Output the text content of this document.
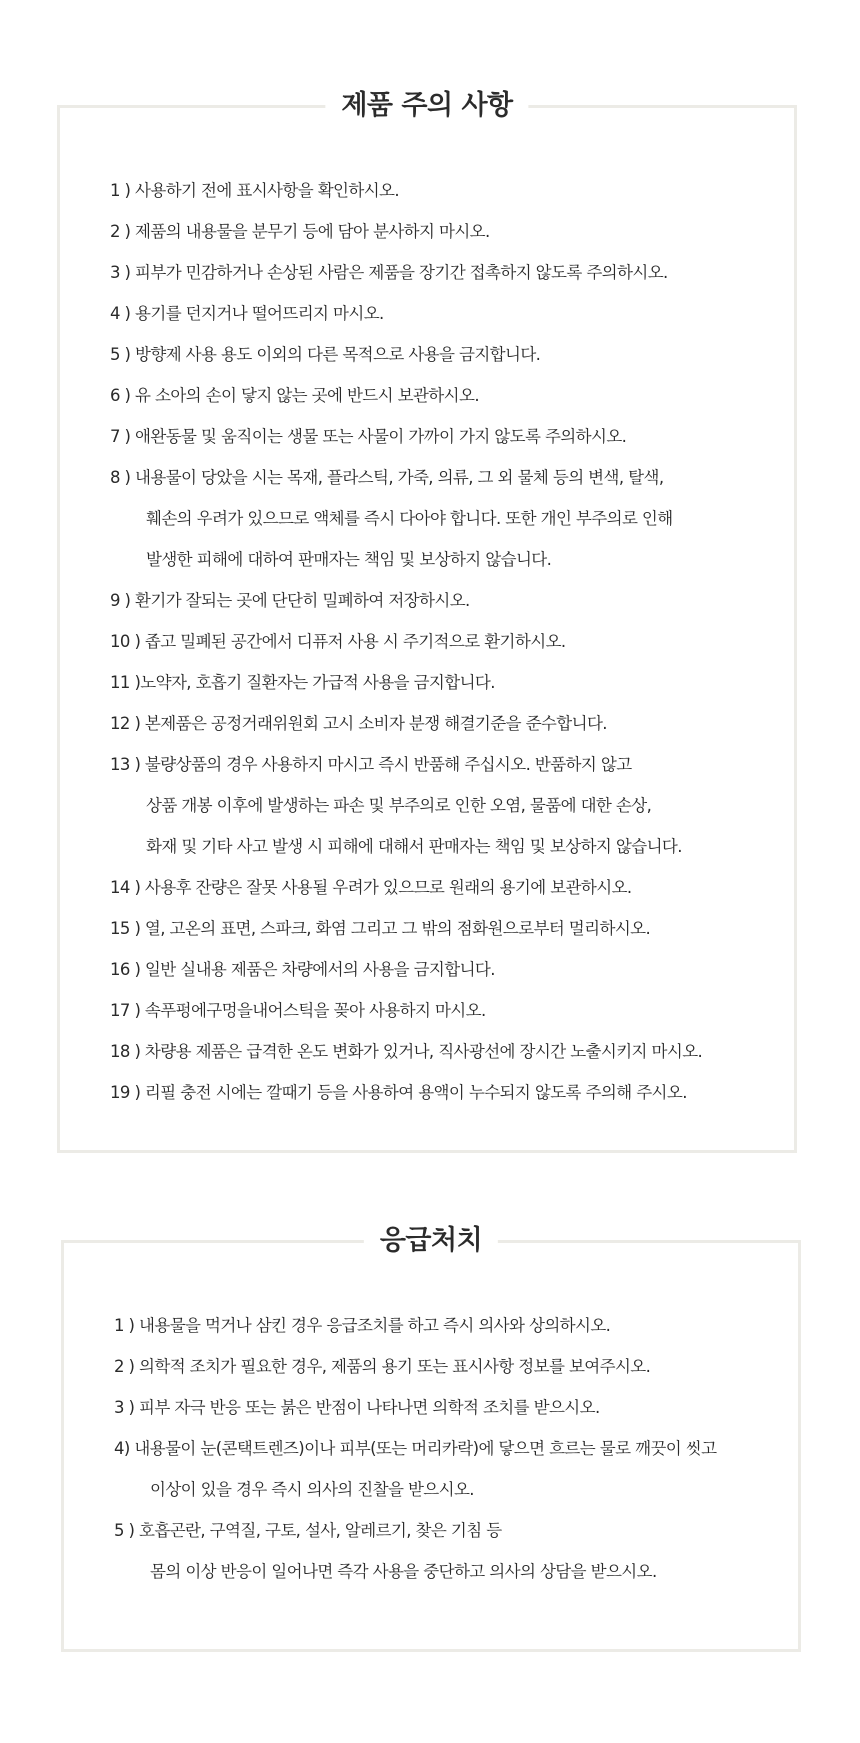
제품 주의 사항
1 ) 사용하기 전에 표시사항을 확인하시오.
2 ) 제품의 내용물을 분무기 등에 담아 분사하지 마시오.
3 ) 피부가 민감하거나 손상된 사람은 제품을 장기간 접촉하지 않도록 주의하시오.
4 ) 용기를 던지거나 떨어뜨리지 마시오.
5 ) 방향제 사용 용도 이외의 다른 목적으로 사용을 금지합니다.
6 ) 유 소아의 손이 닿지 않는 곳에 반드시 보관하시오.
7 ) 애완동물 및 움직이는 생물 또는 사물이 가까이 가지 않도록 주의하시오.
8 ) 내용물이 당았을 시는 목재, 플라스틱, 가죽, 의류, 그 외 물체 등의 변색, 탈색,
훼손의 우려가 있으므로 액체를 즉시 다아야 합니다. 또한 개인 부주의로 인해
발생한 피해에 대하여 판매자는 책임 및 보상하지 않습니다.
9 ) 환기가 잘되는 곳에 단단히 밀폐하여 저장하시오.
10 ) 좁고 밀폐된 공간에서 디퓨저 사용 시 주기적으로 환기하시오.
11 )노약자, 호흡기 질환자는 가급적 사용을 금지합니다.
12 ) 본제품은 공정거래위원회 고시 소비자 분쟁 해결기준을 준수합니다.
13 ) 불량상품의 경우 사용하지 마시고 즉시 반품해 주십시오. 반품하지 않고
상품 개봉 이후에 발생하는 파손 및 부주의로 인한 오염, 물품에 대한 손상,
화재 및 기타 사고 발생 시 피해에 대해서 판매자는 책임 및 보상하지 않습니다.
14 ) 사용후 잔량은 잘못 사용될 우려가 있으므로 원래의 용기에 보관하시오.
15 ) 열, 고온의 표면, 스파크, 화염 그리고 그 밖의 점화원으로부터 멀리하시오.
16 ) 일반 실내용 제품은 차량에서의 사용을 금지합니다.
17 ) 속푸펑에구멍을내어스틱을 꽂아 사용하지 마시오.
18 ) 차량용 제품은 급격한 온도 변화가 있거나, 직사광선에 장시간 노출시키지 마시오.
19 ) 리필 충전 시에는 깔때기 등을 사용하여 용액이 누수되지 않도록 주의해 주시오.
응급처치
1 ) 내용물을 먹거나 삼킨 경우 응급조치를 하고 즉시 의사와 상의하시오.
2 ) 의학적 조치가 필요한 경우, 제품의 용기 또는 표시사항 정보를 보여주시오.
3 ) 피부 자극 반응 또는 붉은 반점이 나타나면 의학적 조치를 받으시오.
4) 내용물이 눈(콘택트렌즈)이나 피부(또는 머리카락)에 닿으면 흐르는 물로 깨끗이 씻고
이상이 있을 경우 즉시 의사의 진찰을 받으시오.
5 ) 호흡곤란, 구역질, 구토, 설사, 알레르기, 찾은 기침 등
몸의 이상 반응이 일어나면 즉각 사용을 중단하고 의사의 상담을 받으시오.
